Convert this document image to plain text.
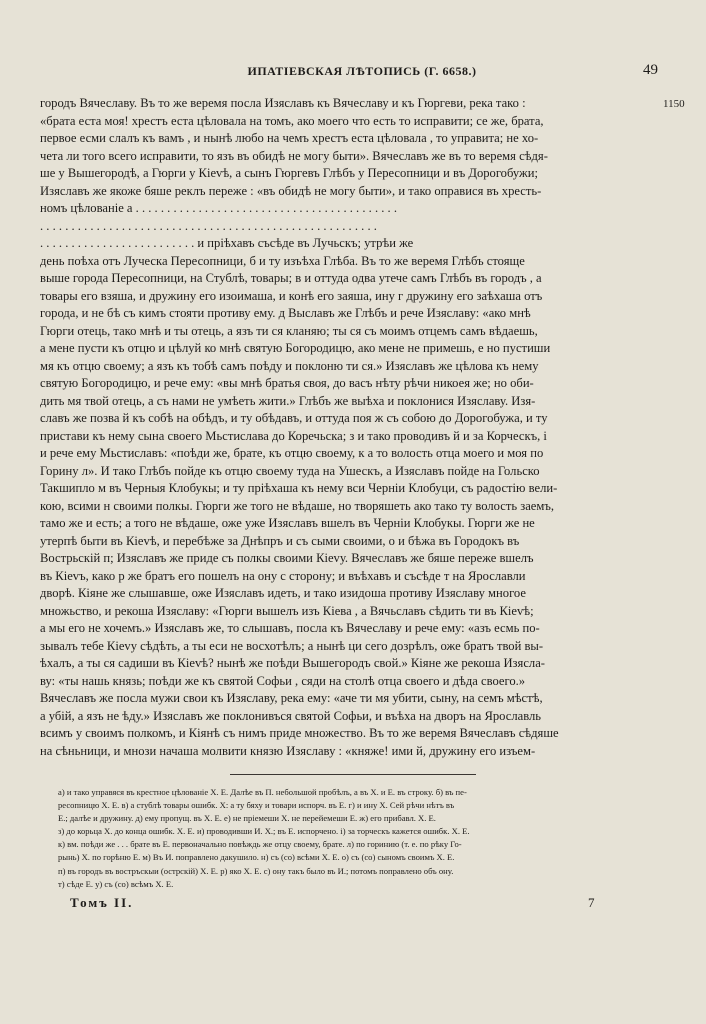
ИПАТІЕВСКАЯ ЛѢТОПИСЬ (Г. 6658.)	49
1150
городъ Вячеславу. Въ то же веремя посла Изяславъ къ Вячеславу и къ Гюргеви, река тако :
«брата еста моя! хрестъ еста цѣловала на томъ, ако моего что есть то исправити; се же, брата,
первое есми слалъ къ вамъ , и нынѣ любо на чемъ хрестъ еста цѣловала , то управита; не хо-
чета ли того всего исправити, то язъ въ обидѣ не могу быти». Вячеславъ же въ то веремя сѣдя-
ше у Вышегородѣ, а Гюрги у Кievѣ, а сынъ Гюргевъ Глѣбъ у Пересопници и въ Дорогобужи;
Изяславъ же якоже бяше реклъ переже : «въ обидѣ не могу быти», и тако оправися въ хресть-
номъ цѣлованiе а . . . . . . . . . . . . . . . . . . . . . . . . . . . . . . . . . . . . . . . . . .
. . . . . . . . . . . . . . . . . . . . . . . . . . . . . . . . . . . . . . . . . . . . . . . . . . . . . .
. . . . . . . . . . . . . . . . . . . . . . . . . и прiѣхавъ съсѣде въ Лучьскъ; утрѣи же
день поѣха отъ Луческа Пересопници, б и ту изъѣха Глѣба. Въ то же веремя Глѣбъ стояще
выше города Пересопници, на Стублѣ, товары; в и оттуда одва утече самъ Глѣбъ въ городъ , а
товары его взяша, и дружину его изоимаша, и конѣ его заяша, ину г дружину его заѣхаша отъ
города, и не бѣ съ кимъ стояти противу ему. д Выславъ же Глѣбъ и рече Изяславу: «ако мнѣ
Гюрги отець, тако мнѣ и ты отець, а язъ ти ся кланяю; ты ся съ моимъ отцемъ самъ вѣдаешь,
а мене пусти къ отцю и цѣлуй ко мнѣ святую Богородицю, ако мене не примешь, е но пустиши
мя къ отцю своему; а язъ къ тобѣ самъ поѣду и поклоню ти ся.» Изяславъ же цѣлова къ нему
святую Богородицю, и рече ему: «вы мнѣ братья своя, до васъ нѣту рѣчи никоея же; но оби-
дить мя твой отець, а съ нами не умѣеть жити.» Глѣбъ же выѣха и поклонися Изяславу. Изя-
славъ же позва й къ собѣ на обѣдъ, и ту обѣдавъ, и оттуда поя ж съ собою до Дорогобужа, и ту
пристави къ нему сына своего Мьстислава до Коречьска; з и тако проводивъ й и за Корческъ, i
и рече ему Мьстиславъ: «поѣди же, брате, къ отцю своему, к а то волость отца моего и моя по
Горину л». И тако Глѣбъ пойде къ отцю своему туда на Ушескъ, а Изяславъ пойде на Гольско
Такшипло м въ Черныя Клобукы; и ту прiѣхаша къ нему вси Черніи Клобуци, съ радостiю вели-
кою, всими н своими полкы. Гюрги же того не вѣдаше, но творяшеть ако тако ту волость заемъ,
тамо же и есть; а того не вѣдаше, оже уже Изяславъ вшелъ въ Чернiи Клобукы. Гюрги же не
утерпѣ быти въ Кievѣ, и перебѣже за Днѣпръ и съ сыми своими, о и бѣжа въ Городокъ въ
Вострьскiй п; Изяславъ же приде съ полкы своими Кievу. Вячеславъ же бяше переже вшелъ
въ Кievъ, како р же братъ его пошелъ на ону с сторону; и въѣхавъ и съсѣде т на Ярославли
дворѣ. Кiяне же слышавше, оже Изяславъ идеть, и тако изидоша противу Изяславу многое
множьство, и рекоша Изяславу: «Гюрги вышелъ изъ Кieва , а Вячьславъ сѣдить ти въ Кievѣ;
а мы его не хочемъ.» Изяславъ же, то слышавъ, посла къ Вячеславу и рече ему: «азъ есмь по-
зывалъ тебе Кievу сѣдѣть, а ты еси не восхотѣлъ; а нынѣ ци сего дозрѣлъ, оже братъ твой вы-
ѣхалъ, а ты ся садиши въ Кievѣ? нынѣ же поѣди Вышегородъ свой.» Кiяне же рекоша Изясла-
ву: «ты нашь князь; поѣди же къ святой Софьи , сяди на столѣ отца своего и дѣда своего.»
Вячеславъ же посла мужи свои къ Изяславу, река ему: «аче ти мя убити, сыну, на семъ мѣстѣ,
а убій, а язъ не ѣду.» Изяславъ же поклонивъся святой Софьи, и въѣха на дворъ на Ярославль
всимъ у своимъ полкомъ, и Кiянѣ съ нимъ приде множество. Въ то же веремя Вячеславъ сѣдяше
на сѣньници, и мнози начаша молвити князю Изяславу : «княже! ими й, дружину его изъем-
а) и тако управяся въ крестное цѣлованiе Х. Е. Далѣе въ П. небольшой пробѣлъ, а въ Х. и Е. въ строку. б) въ пе-
ресопницю Х. Е. в) а стублѣ товары ошибк. Х: а ту бяху и товари испорч. въ Е. г) и ину Х. Сей рѣчи нѣтъ въ
Е.; далѣе и дружину. д) ему пропущ. въ Х. Е. е) не прiемеши Х. не перейемеши Е. ж) его прибавл. Х. Е.
з) до корьца Х. до конца ошибк. Х. Е. и) проводивши И. Х.; въ Е. испорчено. i) за торческъ кажется ошибк. Х. Е.
к) вм. поѣди же . . . брате въ Е. первоначально повѣждь же отцу своему, брате. л) по горинию (т. е. по рѣку Го-
рынь) Х. по горѣню Е. м) Въ И. поправлено дакушило. н) съ (со) всѣми Х. Е. о) съ (со) сыномъ своимъ Х. Е.
п) въ городъ въ востръскыи (острскій) Х. Е. р) яко Х. Е. с) ону такъ было въ И.; потомъ поправлено объ ону.
т) сѣде Е. у) съ (со) всѣмъ Х. Е.
Томъ II.	7
